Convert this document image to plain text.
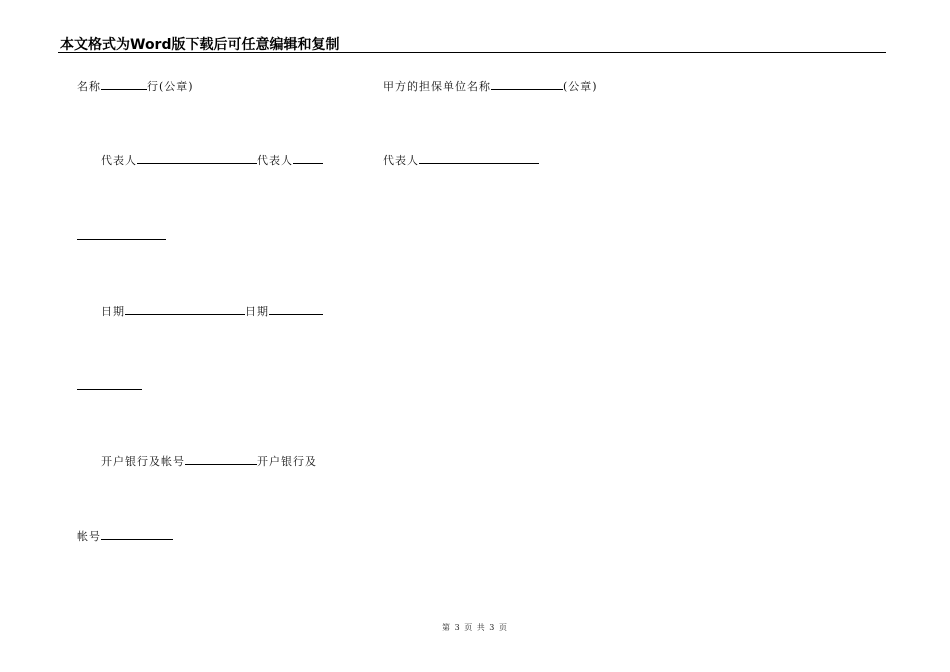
本文格式为Word版下载后可任意编辑和复制
名称	行(公章)	甲方的担保单位名称	(公章)
代表人	代表人	代表人
日期	日期
开户银行及帐号	开户银行及
帐号
第 3 页 共 3 页
